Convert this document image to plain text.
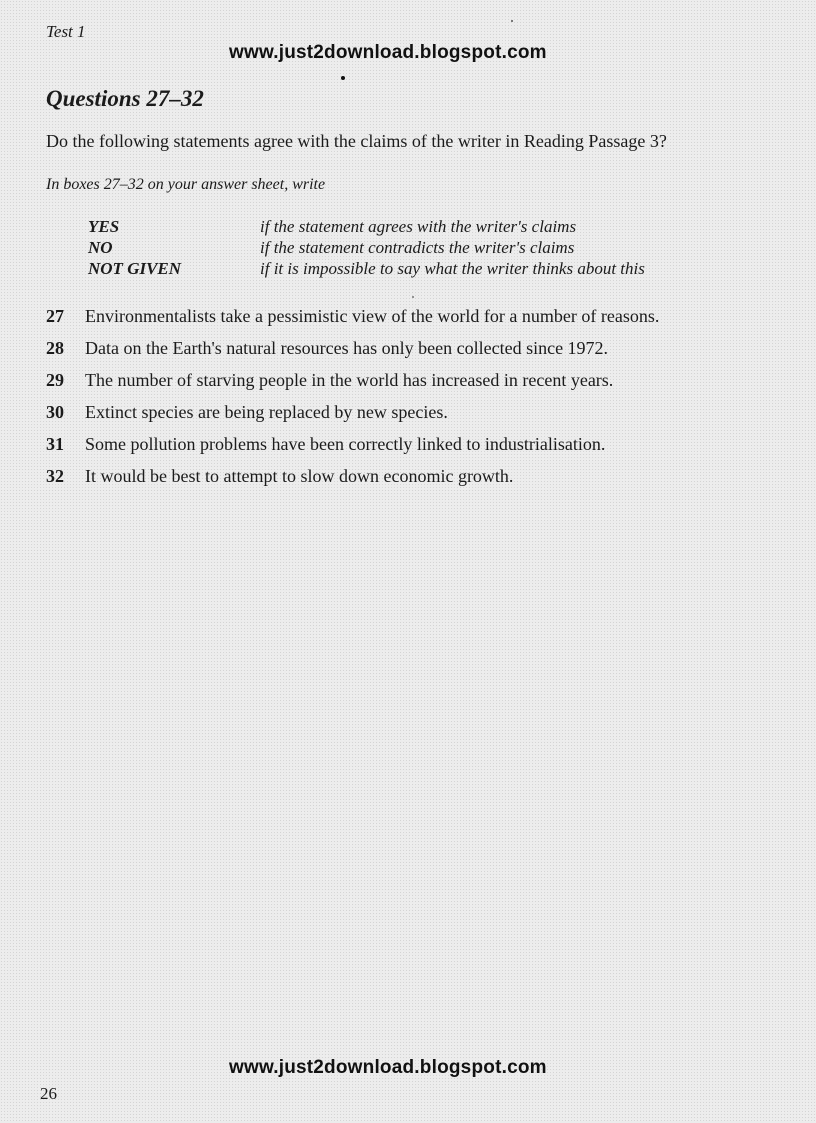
Test 1
www.just2download.blogspot.com
Questions 27–32
Do the following statements agree with the claims of the writer in Reading Passage 3?
In boxes 27–32 on your answer sheet, write
YES	if the statement agrees with the writer's claims
NO	if the statement contradicts the writer's claims
NOT GIVEN	if it is impossible to say what the writer thinks about this
27	Environmentalists take a pessimistic view of the world for a number of reasons.
28	Data on the Earth's natural resources has only been collected since 1972.
29	The number of starving people in the world has increased in recent years.
30	Extinct species are being replaced by new species.
31	Some pollution problems have been correctly linked to industrialisation.
32	It would be best to attempt to slow down economic growth.
www.just2download.blogspot.com
26
